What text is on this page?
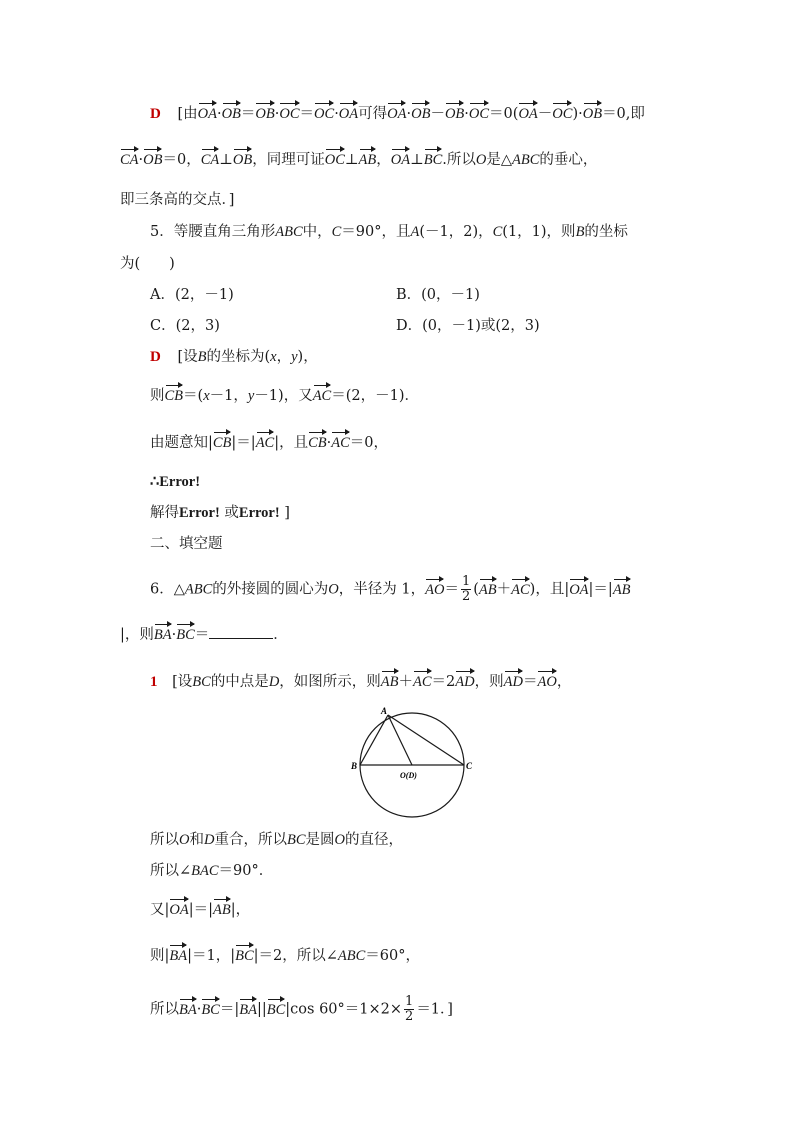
D [由OA·OB＝OB·OC＝OC·OA可得OA·OB－OB·OC＝0(OA－OC)·OB＝0,即
CA·OB＝0，CA⊥OB，同理可证OC⊥AB，OA⊥BC.所以O是△ABC的垂心，
即三条高的交点．]
5．等腰直角三角形ABC中，C＝90°，且A(－1，2)，C(1，1)，则B的坐标
为(　　)
A．(2，－1)	B．(0，－1)
C．(2，3)	D．(0，－1)或(2，3)
D [设B的坐标为(x，y)，
则CB＝(x－1，y－1)，又AC＝(2，－1)．
由题意知|CB|＝|AC|，且CB·AC＝0，
∴Error!
解得Error! 或Error! ]
二、填空题
6．△ABC的外接圆的圆心为O，半径为 1，$AO= \frac{1}{2} (AB+AC)$，且|OA|＝|AB
|，则BA·BC＝	．
1 [设BC的中点是D，如图所示，则AB＋AC＝2AD，则AD＝AO，
A
B	C
O(D)
所以O和D重合，所以BC是圆O的直径，
所以∠BAC＝90°．
又|OA|＝|AB|，
则|BA|＝1，|BC|＝2，所以∠ABC＝60°，
所以BA·BC＝|BA||BC|cos $60^\circ=1\times 2\times \frac{1}{2} =1$．]
